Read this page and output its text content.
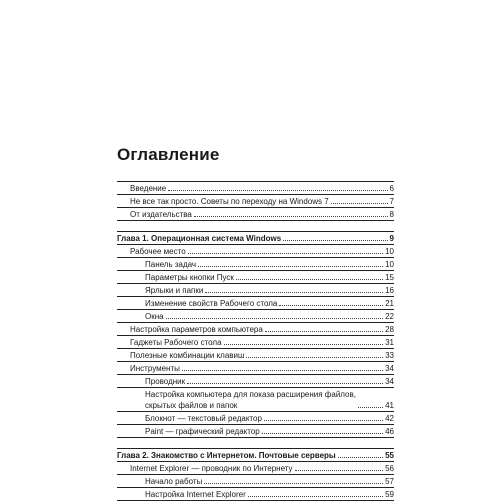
Оглавление
Введение	6
Не все так просто. Советы по переходу на Windows 7	7
От издательства	8
Глава 1. Операционная система Windows	9
Рабочее место	10
Панель задач	10
Параметры кнопки Пуск	15
Ярлыки и папки	16
Изменение свойств Рабочего стола	21
Окна	22
Настройка параметров компьютера	28
Гаджеты Рабочего стола	31
Полезные комбинации клавиш	33
Инструменты	34
Проводник	34
Настройка компьютера для показа расширения файлов,
скрытых файлов и папок	41
Блокнот — текстовый редактор	42
Paint — графический редактор	46
Глава 2. Знакомство с Интернетом. Почтовые серверы	55
Internet Explorer — проводник по Интернету	56
Начало работы	57
Настройка Internet Explorer	59
